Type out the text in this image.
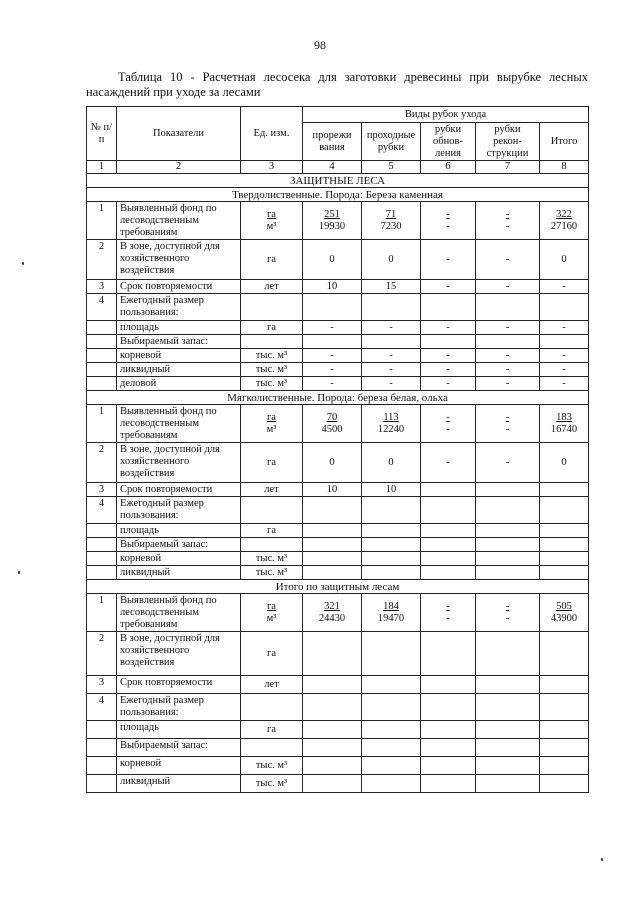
98
Таблица 10 - Расчетная лесосека для заготовки древесины при вырубке лесных насаждений при уходе за лесами
№ п/п	Показатели	Ед. изм.	Виды рубок ухода				
			прорежи вания	проходные рубки	рубки обнов- ления	рубки рекон- струкции	Итого
1	2	3	4	5	6	7	8
ЗАЩИТНЫЕ ЛЕСА							
Твердолиственные. Порода: Береза каменная							
1	Выявленный фонд по лесоводственным требованиям	$\frac{га}{\text{м³}}$	$\frac{251}{19930}$	$\frac{71}{7230}$	$\frac{-}{-}$	$\frac{-}{-}$	$\frac{322}{27160}$

2	В зоне, доступной для хозяйственного воздействия	га	0	0	-	-	0
3	Срок повторяемости	лет	10	15	-	-	-
4	Ежегодный размер пользования:						
	площадь	га	-	-	-	-	-
	Выбираемый запас:						
	корневой	тыс. м³	-	-	-	-	-
	ликвидный	тыс. м³	-	-	-	-	-
	деловой	тыс. м³	-	-	-	-	-
Мягколиственные. Порода: береза белая, ольха							
1	Выявленный фонд по лесоводственным требованиям	$\frac{га}{\text{м³}}$	$\frac{70}{4500}$	$\frac{113}{12240}$	$\frac{-}{-}$	$\frac{-}{-}$	$\frac{183}{16740}$

2	В зоне, доступной для хозяйственного воздействия	га	0	0	-	-	0
3	Срок повторяемости	лет	10	10			
4	Ежегодный размер пользования:						
	площадь	га					
	Выбираемый запас:						
	корневой	тыс. м³					
	ликвидный	тыс. м³					
Итого по защитным лесам							
1	Выявленный фонд по лесоводственным требованиям	$\frac{га}{\text{м³}}$	$\frac{321}{24430}$	$\frac{184}{19470}$	$\frac{-}{-}$	$\frac{-}{-}$	$\frac{505}{43900}$

2	В зоне, доступной для хозяйственного воздействия	га					
3	Срок повторяемости	лет					
4	Ежегодный размер пользования:						
	площадь	га					
	Выбираемый запас:						
	корневой	тыс. м³					
	ликвидный	тыс. м³					
